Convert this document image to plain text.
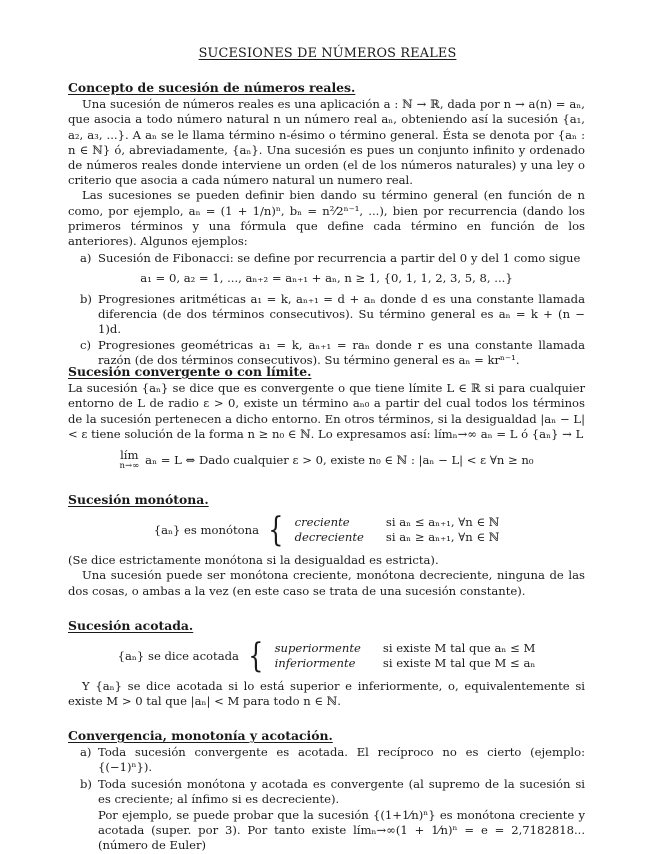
SUCESIONES DE NÚMEROS REALES
Concepto de sucesión de números reales.

Una sucesión de números reales es una aplicación a : ℕ → ℝ, dada por n → a(n) = aₙ, que asocia a todo número natural n un número real aₙ, obteniendo así la sucesión {a₁, a₂, a₃, ...}. A aₙ se le llama término n-ésimo o término general. Ésta se denota por {aₙ : n ∈ ℕ} ó, abreviadamente, {aₙ}. Una sucesión es pues un conjunto infinito y ordenado de números reales donde interviene un orden (el de los números naturales) y una ley o criterio que asocia a cada número natural un numero real.

Las sucesiones se pueden definir bien dando su término general (en función de n como, por ejemplo, aₙ = (1 + 1/n)ⁿ, bₙ = n²⁄2ⁿ⁻¹, ...), bien por recurrencia (dando los primeros términos y una fórmula que define cada término en función de los anteriores). Algunos ejemplos:

a) Sucesión de Fibonacci: se define por recurrencia a partir del 0 y del 1 como sigue
a₁ = 0, a₂ = 1, ..., aₙ₊₂ = aₙ₊₁ + aₙ, n ≥ 1, {0, 1, 1, 2, 3, 5, 8, ...}
b) Progresiones aritméticas a₁ = k, aₙ₊₁ = d + aₙ donde d es una constante llamada diferencia (de dos términos consecutivos). Su término general es aₙ = k + (n − 1)d.
c) Progresiones geométricas a₁ = k, aₙ₊₁ = raₙ donde r es una constante llamada razón (de dos términos consecutivos). Su término general es aₙ = krⁿ⁻¹.
Sucesión convergente o con límite.

La sucesión {aₙ} se dice que es convergente o que tiene límite L ∈ ℝ si para cualquier entorno de L de radio ε > 0, existe un término aₙ₀ a partir del cual todos los términos de la sucesión pertenecen a dicho entorno. En otros términos, si la desigualdad |aₙ − L| < ε tiene solución de la forma n ≥ n₀ ∈ ℕ. Lo expresamos así: límₙ→∞ aₙ = L ó {aₙ} → L

lím
n→∞ aₙ = L ⇔ Dado cualquier ε > 0, existe n₀ ∈ ℕ : |aₙ − L| < ε ∀n ≥ n₀
Sucesión monótona.
{aₙ} es monótona { creciente	si aₙ ≤ aₙ₊₁, ∀n ∈ ℕ
decreciente si aₙ ≥ aₙ₊₁, ∀n ∈ ℕ

(Se dice estrictamente monótona si la desigualdad es estricta).

Una sucesión puede ser monótona creciente, monótona decreciente, ninguna de las dos cosas, o ambas a la vez (en este caso se trata de una sucesión constante).

Sucesión acotada.
{aₙ} se dice acotada { superiormente si existe M tal que aₙ ≤ M
inferiormente	si existe M tal que M ≤ aₙ

Y {aₙ} se dice acotada si lo está superior e inferiormente, o, equivalentemente si existe M > 0 tal que |aₙ| < M para todo n ∈ ℕ.

Convergencia, monotonía y acotación.
a) Toda sucesión convergente es acotada. El recíproco no es cierto (ejemplo: {(−1)ⁿ}).
b) Toda sucesión monótona y acotada es convergente (al supremo de la sucesión si es creciente; al ínfimo si es decreciente).

Por ejemplo, se puede probar que la sucesión {(1+1⁄n)ⁿ} es monótona creciente y acotada (super. por 3). Por tanto existe límₙ→∞(1 + 1⁄n)ⁿ = e = 2,7182818... (número de Euler)
